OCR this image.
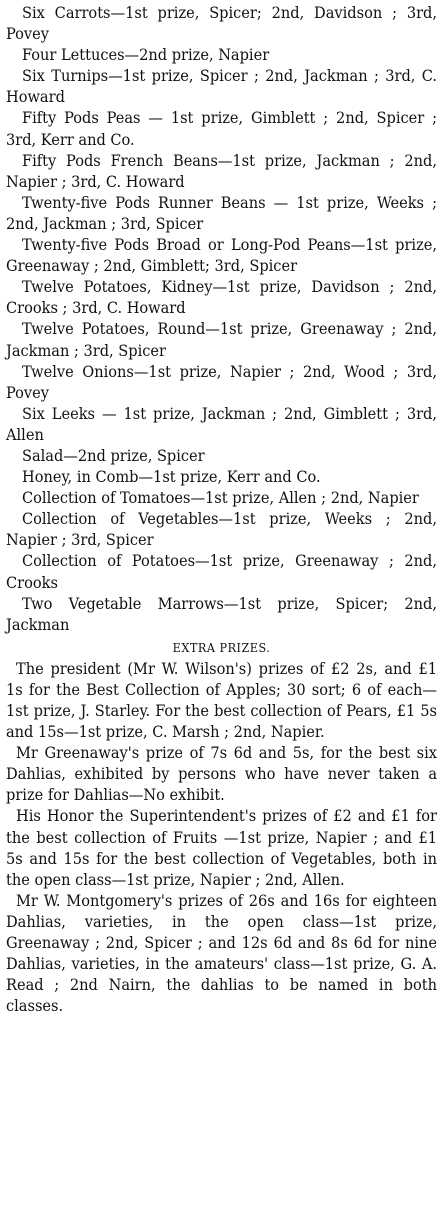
Six Carrots—1st prize, Spicer; 2nd, Davidson ; 3rd, Povey

Four Lettuces—2nd prize, Napier

Six Turnips—1st prize, Spicer ; 2nd, Jackman ; 3rd, C. Howard

Fifty Pods Peas — 1st prize, Gimblett ; 2nd, Spicer ; 3rd, Kerr and Co.

Fifty Pods French Beans—1st prize, Jackman ; 2nd, Napier ; 3rd, C. Howard

Twenty-five Pods Runner Beans — 1st prize, Weeks ; 2nd, Jackman ; 3rd, Spicer

Twenty-five Pods Broad or Long-Pod Peans—1st prize, Greenaway ; 2nd, Gimblett; 3rd, Spicer

Twelve Potatoes, Kidney—1st prize, Davidson ; 2nd, Crooks ; 3rd, C. Howard

Twelve Potatoes, Round—1st prize, Greenaway ; 2nd, Jackman ; 3rd, Spicer

Twelve Onions—1st prize, Napier ; 2nd, Wood ; 3rd, Povey

Six Leeks — 1st prize, Jackman ; 2nd, Gimblett ; 3rd, Allen

Salad—2nd prize, Spicer

Honey, in Comb—1st prize, Kerr and Co.

Collection of Tomatoes—1st prize, Allen ; 2nd, Napier

Collection of Vegetables—1st prize, Weeks ; 2nd, Napier ; 3rd, Spicer

Collection of Potatoes—1st prize, Greenaway ; 2nd, Crooks

Two Vegetable Marrows—1st prize, Spicer; 2nd, Jackman

EXTRA PRIZES.

The president (Mr W. Wilson's) prizes of £2 2s, and £1 1s for the Best Collection of Apples; 30 sort; 6 of each—1st prize, J. Starley. For the best collection of Pears, £1 5s and 15s—1st prize, C. Marsh ; 2nd, Napier.

Mr Greenaway's prize of 7s 6d and 5s, for the best six Dahlias, exhibited by persons who have never taken a prize for Dahlias—No exhibit.

His Honor the Superintendent's prizes of £2 and £1 for the best collection of Fruits —1st prize, Napier ; and £1 5s and 15s for the best collection of Vegetables, both in the open class—1st prize, Napier ; 2nd, Allen.

Mr W. Montgomery's prizes of 26s and 16s for eighteen Dahlias, varieties, in the open class—1st prize, Greenaway ; 2nd, Spicer ; and 12s 6d and 8s 6d for nine Dahlias, varieties, in the amateurs' class—1st prize, G. A. Read ; 2nd Nairn, the dahlias to be named in both classes.
